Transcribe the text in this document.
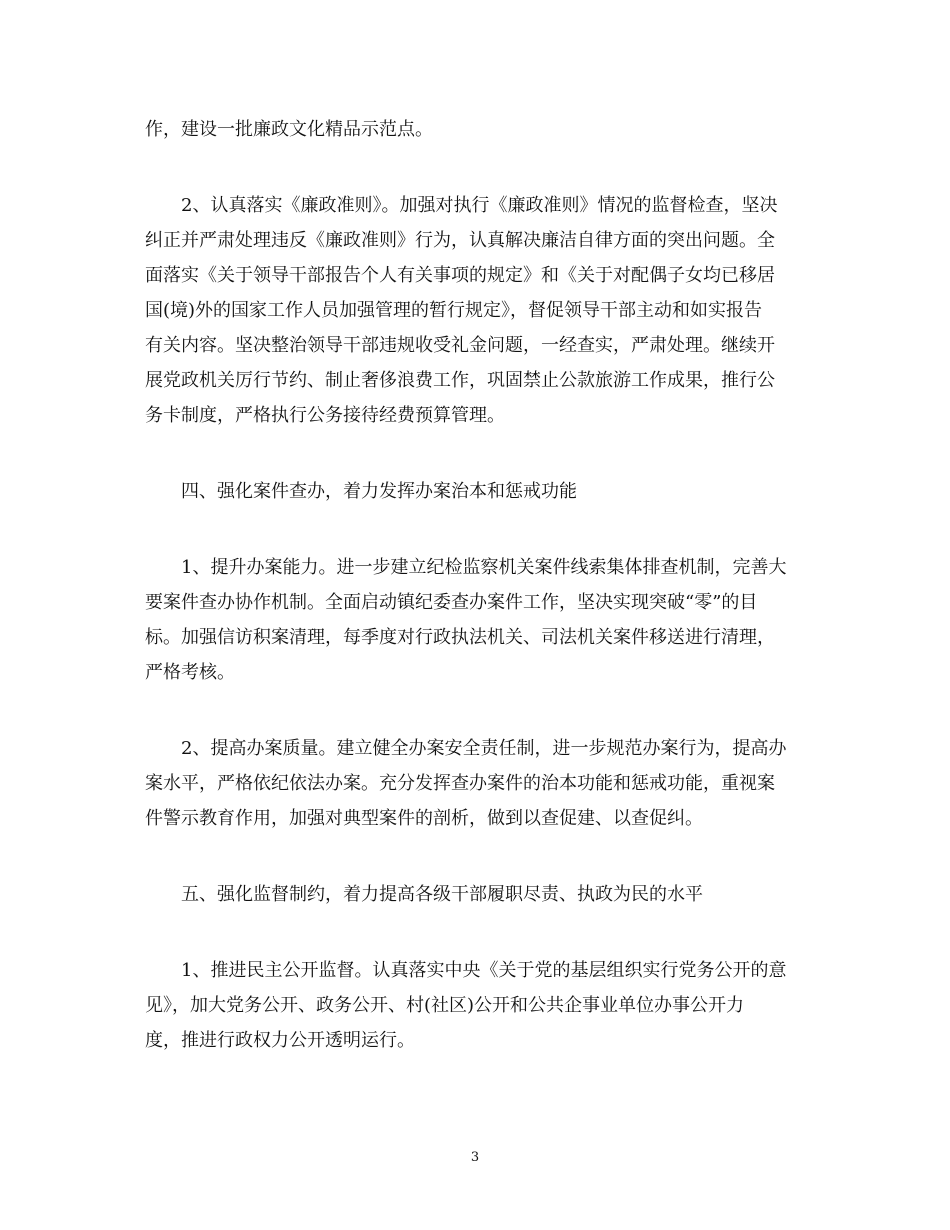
作，建设一批廉政文化精品示范点。
　　2、认真落实《廉政准则》。加强对执行《廉政准则》情况的监督检查，坚决
纠正并严肃处理违反《廉政准则》行为，认真解决廉洁自律方面的突出问题。全
面落实《关于领导干部报告个人有关事项的规定》和《关于对配偶子女均已移居
国(境)外的国家工作人员加强管理的暂行规定》，督促领导干部主动和如实报告
有关内容。坚决整治领导干部违规收受礼金问题，一经查实，严肃处理。继续开
展党政机关厉行节约、制止奢侈浪费工作，巩固禁止公款旅游工作成果，推行公
务卡制度，严格执行公务接待经费预算管理。
　　四、强化案件查办，着力发挥办案治本和惩戒功能
　　1、提升办案能力。进一步建立纪检监察机关案件线索集体排查机制，完善大
要案件查办协作机制。全面启动镇纪委查办案件工作，坚决实现突破“零”的目
标。加强信访积案清理，每季度对行政执法机关、司法机关案件移送进行清理，
严格考核。
　　2、提高办案质量。建立健全办案安全责任制，进一步规范办案行为，提高办
案水平，严格依纪依法办案。充分发挥查办案件的治本功能和惩戒功能，重视案
件警示教育作用，加强对典型案件的剖析，做到以查促建、以查促纠。
　　五、强化监督制约，着力提高各级干部履职尽责、执政为民的水平
　　1、推进民主公开监督。认真落实中央《关于党的基层组织实行党务公开的意
见》，加大党务公开、政务公开、村(社区)公开和公共企事业单位办事公开力
度，推进行政权力公开透明运行。
3
